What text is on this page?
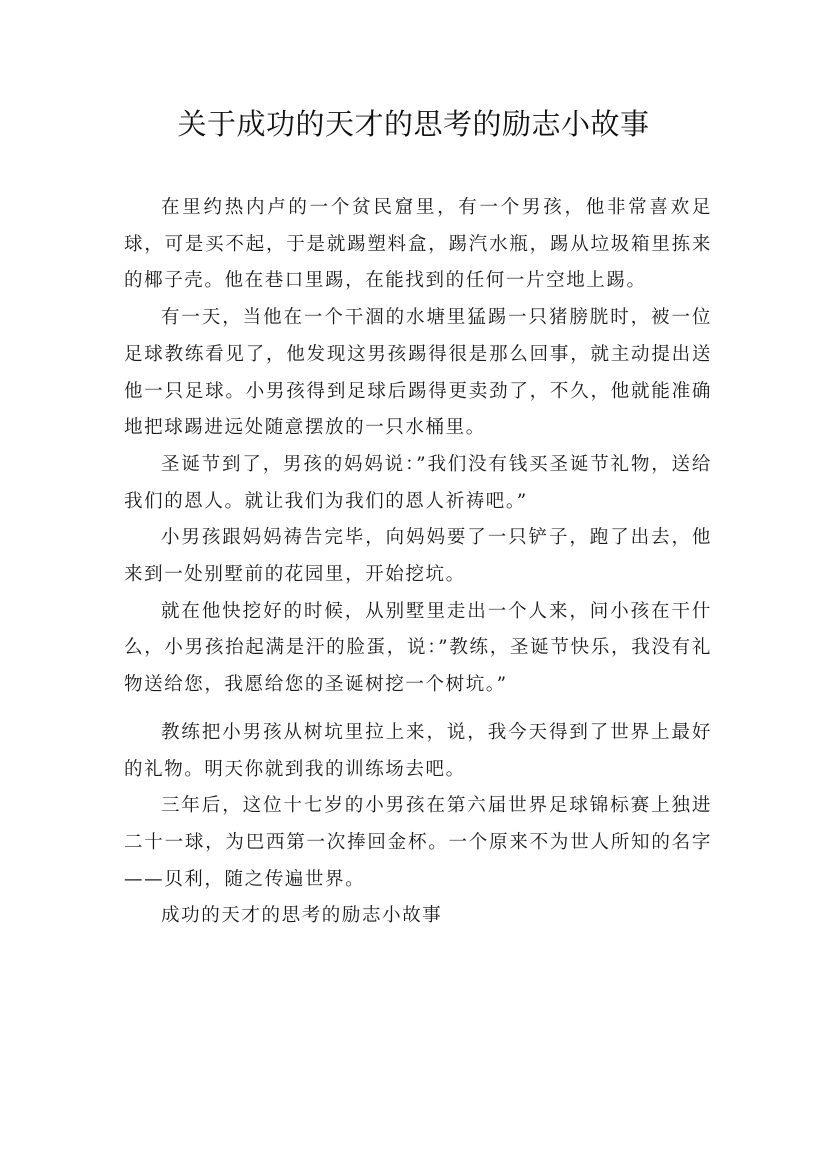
关于成功的天才的思考的励志小故事

在里约热内卢的一个贫民窟里，有一个男孩，他非常喜欢足球，可是买不起，于是就踢塑料盒，踢汽水瓶，踢从垃圾箱里拣来的椰子壳。他在巷口里踢，在能找到的任何一片空地上踢。

有一天，当他在一个干涸的水塘里猛踢一只猪膀胱时，被一位足球教练看见了，他发现这男孩踢得很是那么回事，就主动提出送他一只足球。小男孩得到足球后踢得更卖劲了，不久，他就能准确地把球踢进远处随意摆放的一只水桶里。

圣诞节到了，男孩的妈妈说：”我们没有钱买圣诞节礼物，送给我们的恩人。就让我们为我们的恩人祈祷吧。”

小男孩跟妈妈祷告完毕，向妈妈要了一只铲子，跑了出去，他来到一处别墅前的花园里，开始挖坑。

就在他快挖好的时候，从别墅里走出一个人来，问小孩在干什么，小男孩抬起满是汗的脸蛋，说：”教练，圣诞节快乐，我没有礼物送给您，我愿给您的圣诞树挖一个树坑。”

教练把小男孩从树坑里拉上来，说，我今天得到了世界上最好的礼物。明天你就到我的训练场去吧。

三年后，这位十七岁的小男孩在第六届世界足球锦标赛上独进二十一球，为巴西第一次捧回金杯。一个原来不为世人所知的名字——贝利，随之传遍世界。

成功的天才的思考的励志小故事
